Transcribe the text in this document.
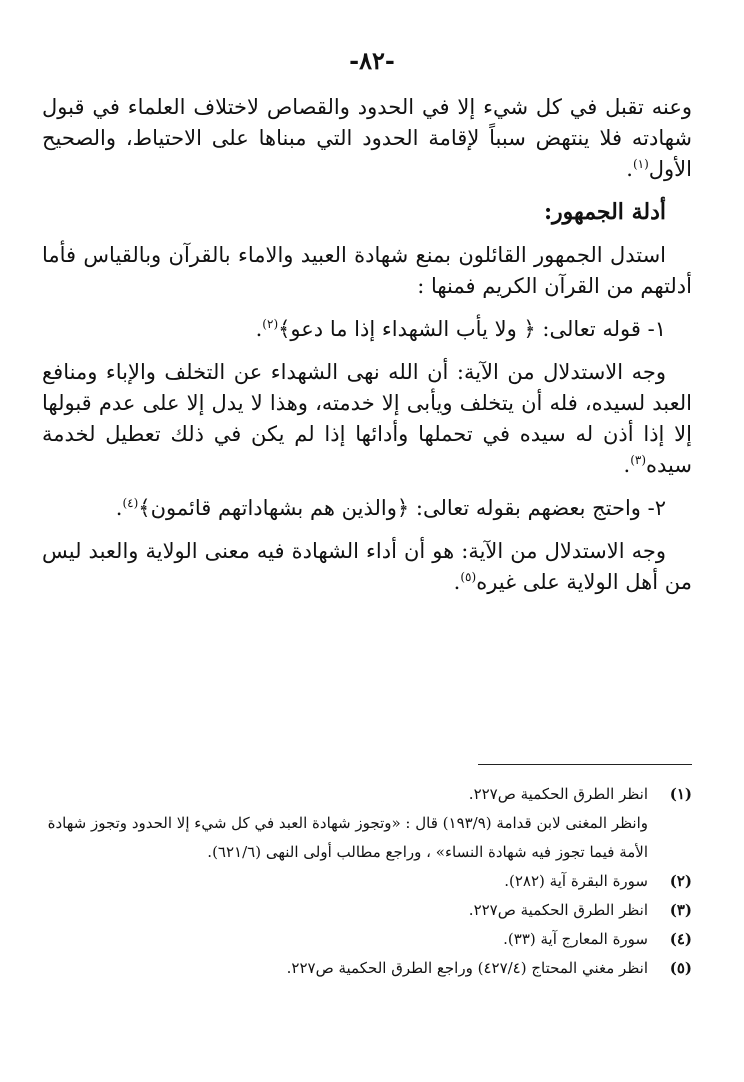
-٨٢-

وعنه تقبل في كل شيء إلا في الحدود والقصاص لاختلاف العلماء في قبول شهادته فلا ينتهض سبباً لإقامة الحدود التي مبناها على الاحتياط، والصحيح الأول$^{(١)}$.

أدلة الجمهور:

استدل الجمهور القائلون بمنع شهادة العبيد والاماء بالقرآن وبالقياس فأما أدلتهم من القرآن الكريم فمنها :

١- قوله تعالى: ﴿ ولا يأب الشهداء إذا ما دعو﴾$^{(٢)}$.

وجه الاستدلال من الآية: أن الله نهى الشهداء عن التخلف والإباء ومنافع العبد لسيده، فله أن يتخلف ويأبى إلا خدمته، وهذا لا يدل إلا على عدم قبولها إلا إذا أذن له سيده في تحملها وأدائها إذا لم يكن في ذلك تعطيل لخدمة سيده$^{(٣)}$.

٢- واحتج بعضهم بقوله تعالى: ﴿والذين هم بشهاداتهم قائمون﴾$^{(٤)}$.

وجه الاستدلال من الآية: هو أن أداء الشهادة فيه معنى الولاية والعبد ليس من أهل الولاية على غيره$^{(٥)}$.

(١)
انظر الطرق الحكمية ص٢٢٧.
وانظر المغنى لابن قدامة (١٩٣/٩) قال : «وتجوز شهادة العبد في كل شيء إلا الحدود وتجوز شهادة الأمة فيما تجوز فيه شهادة النساء» ، وراجع مطالب أولى النهى (٦٢١/٦).
(٢)
سورة البقرة آية (٢٨٢).
(٣)
انظر الطرق الحكمية ص٢٢٧.
(٤)
سورة المعارج آية (٣٣).
(٥)
انظر مغني المحتاج (٤٢٧/٤) وراجع الطرق الحكمية ص٢٢٧.
